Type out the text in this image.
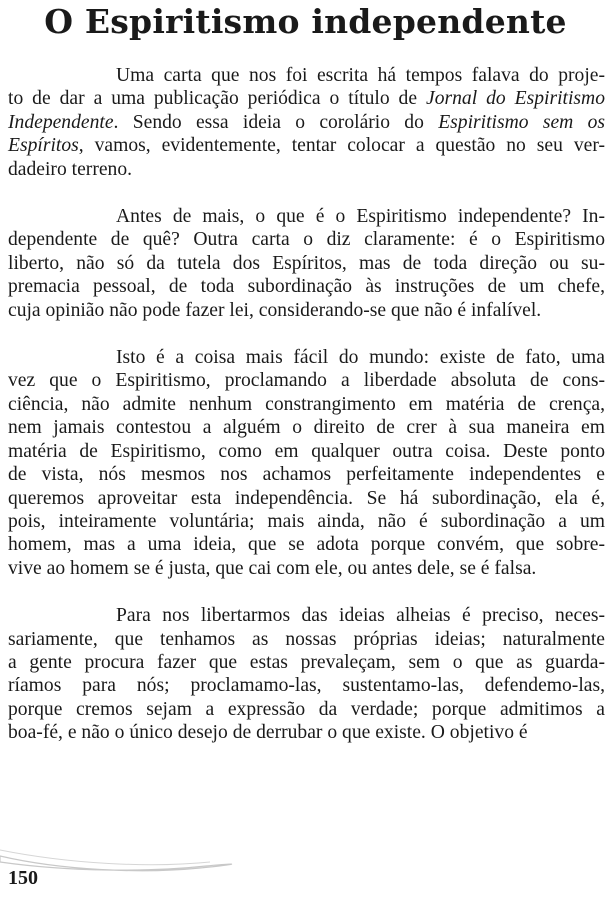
O Espiritismo independente
Uma carta que nos foi escrita há tempos falava do proje-
to de dar a uma publicação periódica o título de Jornal do Espiritismo
Independente. Sendo essa ideia o corolário do Espiritismo sem os
Espíritos, vamos, evidentemente, tentar colocar a questão no seu ver-
dadeiro terreno.
Antes de mais, o que é o Espiritismo independente? In-
dependente de quê? Outra carta o diz claramente: é o Espiritismo
liberto, não só da tutela dos Espíritos, mas de toda direção ou su-
premacia pessoal, de toda subordinação às instruções de um chefe,
cuja opinião não pode fazer lei, considerando-se que não é infalível.
Isto é a coisa mais fácil do mundo: existe de fato, uma
vez que o Espiritismo, proclamando a liberdade absoluta de cons-
ciência, não admite nenhum constrangimento em matéria de crença,
nem jamais contestou a alguém o direito de crer à sua maneira em
matéria de Espiritismo, como em qualquer outra coisa. Deste ponto
de vista, nós mesmos nos achamos perfeitamente independentes e
queremos aproveitar esta independência. Se há subordinação, ela é,
pois, inteiramente voluntária; mais ainda, não é subordinação a um
homem, mas a uma ideia, que se adota porque convém, que sobre-
vive ao homem se é justa, que cai com ele, ou antes dele, se é falsa.
Para nos libertarmos das ideias alheias é preciso, neces-
sariamente, que tenhamos as nossas próprias ideias; naturalmente
a gente procura fazer que estas prevaleçam, sem o que as guarda-
ríamos para nós; proclamamo-las, sustentamo-las, defendemo-las,
porque cremos sejam a expressão da verdade; porque admitimos a
boa-fé, e não o único desejo de derrubar o que existe. O objetivo é
150
